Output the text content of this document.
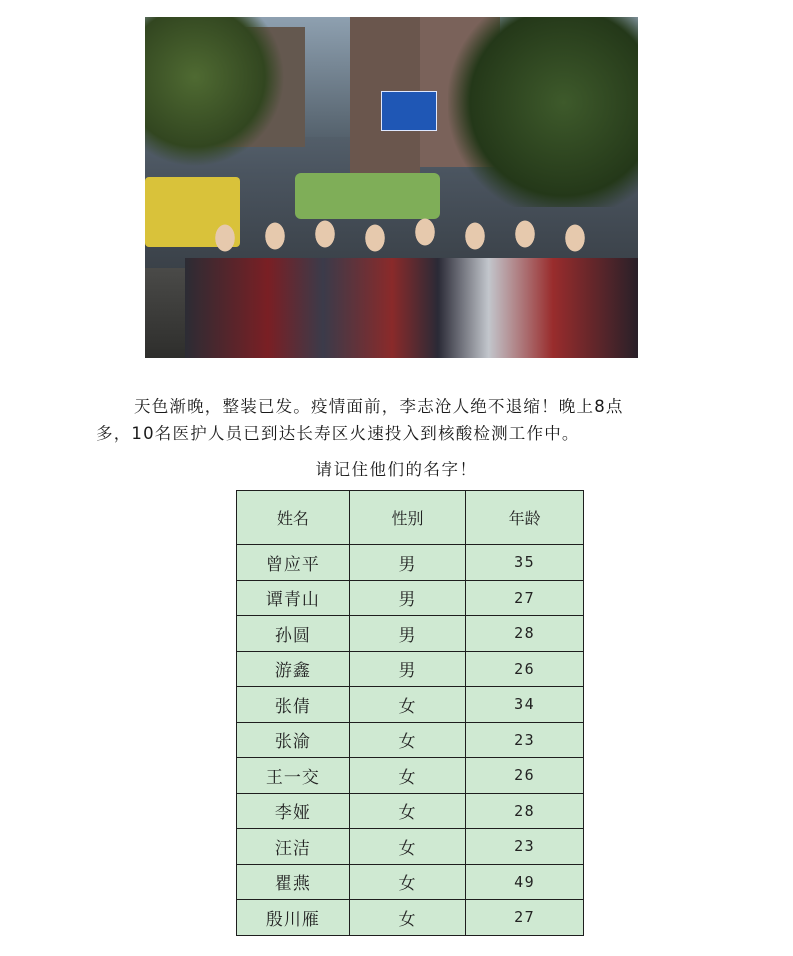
天色渐晚，整装已发。疫情面前，李志沧人绝不退缩！晚上8点
多，10名医护人员已到达长寿区火速投入到核酸检测工作中。

请记住他们的名字！
姓名	性别	年龄
曾应平	男	35
谭青山	男	27
孙圆	男	28
游鑫	男	26
张倩	女	34
张渝	女	23
王一交	女	26
李娅	女	28
汪洁	女	23
瞿燕	女	49
殷川雁	女	27
